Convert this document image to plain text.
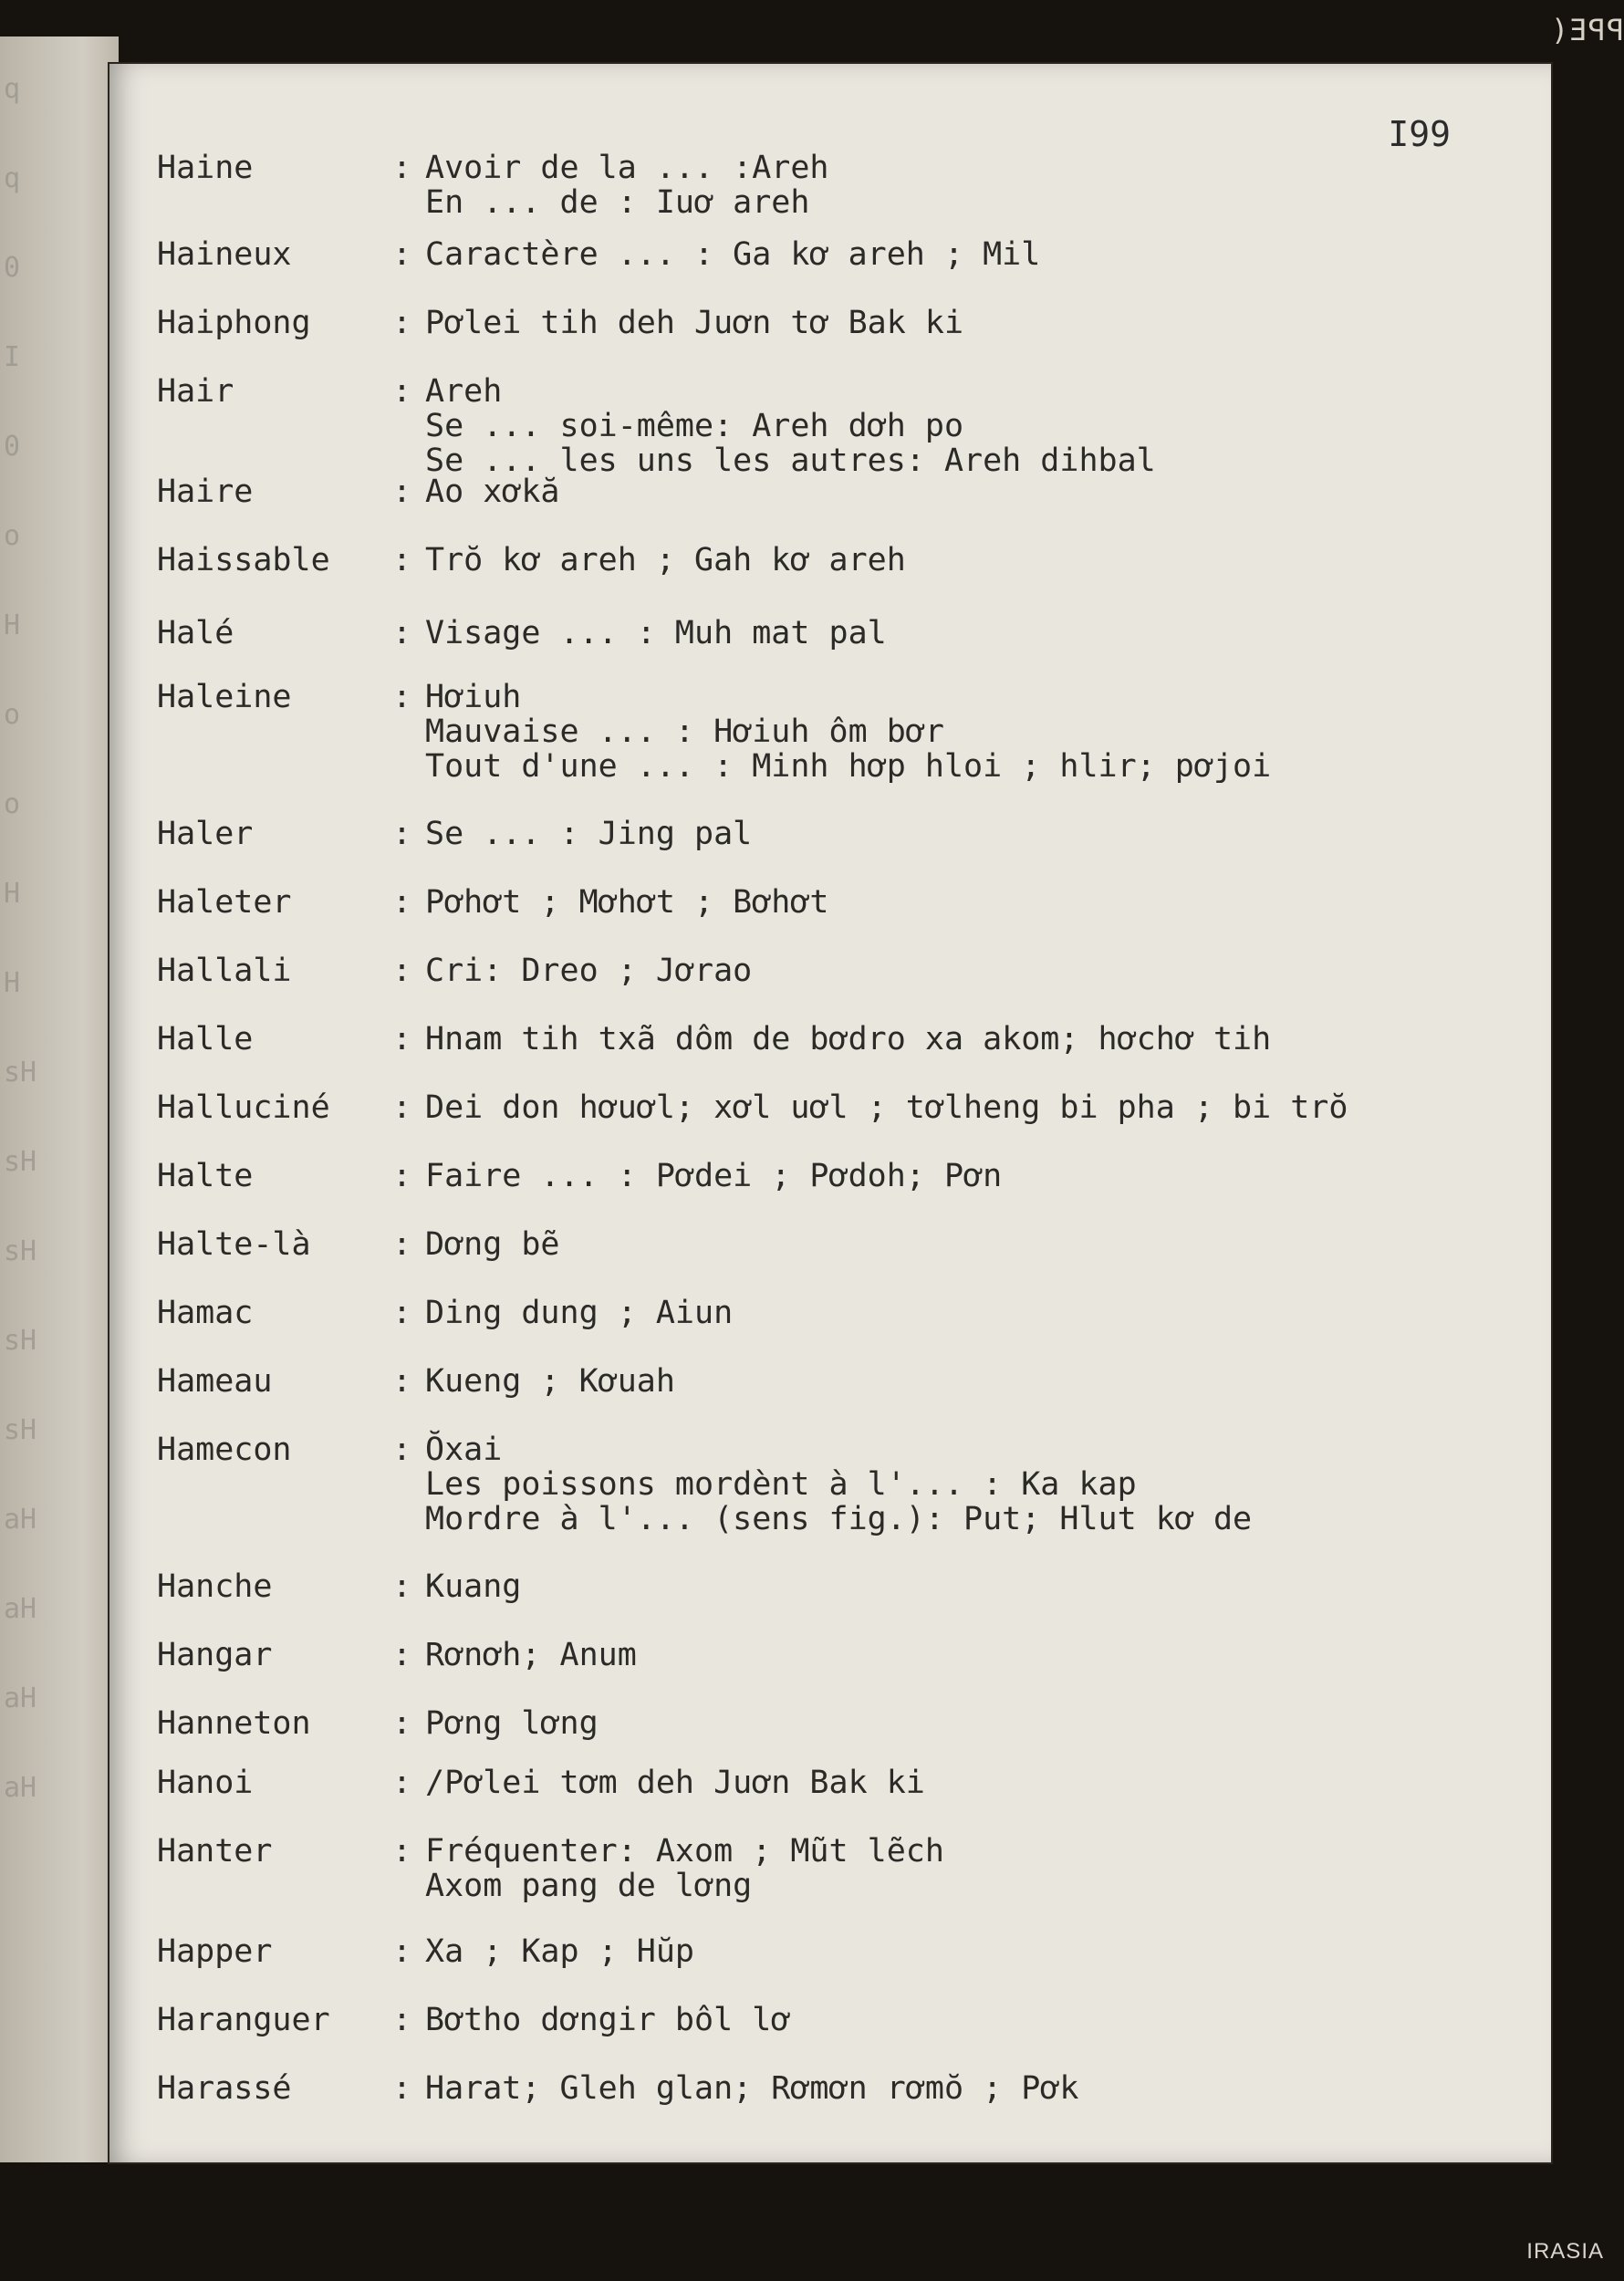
q
q
0
I
0
o
H
o
o
H
H
sH
sH
sH
sH
sH
aH
aH
aH
aH
I99
Haine	: Avoir de la ... :Areh
En ... de : Iuơ areh
Haineux	: Caractère ... : Ga kơ areh ; Mil
Haiphong	: Pơlei tih deh Juơn tơ Bak ki
Hair	: Areh
Se ... soi-même: Areh dơh po
Se ... les uns les autres: Areh dihbal
Haire	: Ao xơkă
Haissable	: Trŏ kơ areh ; Gah kơ areh
Halé	: Visage ... : Muh mat pal
Haleine	: Hơiuh
Mauvaise ... : Hơiuh ôm bơr
Tout d'une ... : Minh hơp hloi ; hlir; pơjoi
Haler	: Se ... : Jing pal
Haleter	: Pơhơt ; Mơhơt ; Bơhơt
Hallali	: Cri: Dreo ; Jơrao
Halle	: Hnam tih txã dôm de bơdro xa akom; hơchơ tih
Halluciné	: Dei don hơuơl; xơl uơl ; tơlheng bi pha ; bi trŏ
Halte	: Faire ... : Pơdei ; Pơdoh; Pơn
Halte-là	: Dơng bẽ
Hamac	: Ding dung ; Aiun
Hameau	: Kueng ; Kơuah
Hamecon	: Ŏxai
Les poissons mordènt à l'... : Ka kap
Mordre à l'... (sens fig.): Put; Hlut kơ de
Hanche	: Kuang
Hangar	: Rơnơh; Anum
Hanneton	: Pơng lơng
Hanoi	: /Pơlei tơm deh Juơn Bak ki
Hanter	: Fréquenter: Axom ; Mũt lẽch
Axom pang de lơng
Happer	: Xa ; Kap ; Hŭp
Haranguer	: Bơtho dơngir bôl lơ
Harassé	: Harat; Gleh glan; Rơmơn rơmŏ ; Pơk
PPE(
IRASIA
